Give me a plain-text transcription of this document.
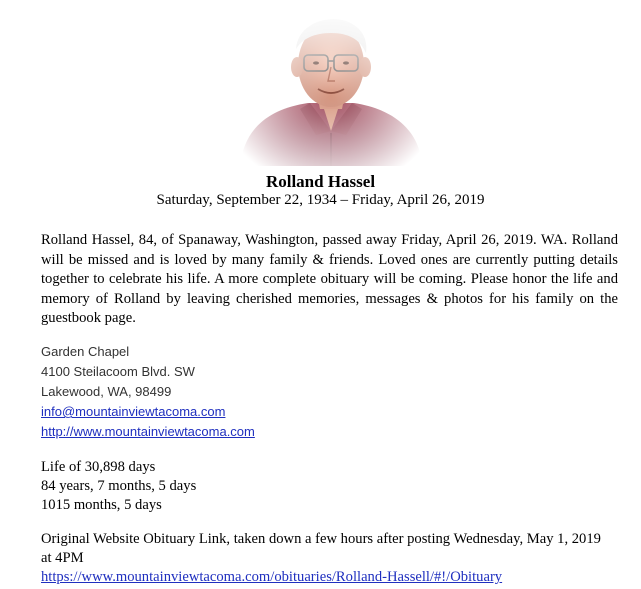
Rolland Hassel
Saturday, September 22, 1934 – Friday, April 26, 2019
Rolland Hassel, 84, of Spanaway, Washington, passed away Friday, April 26, 2019. WA. Rolland will be missed and is loved by many family & friends. Loved ones are currently putting details together to celebrate his life. A more complete obituary will be coming. Please honor the life and memory of Rolland by leaving cherished memories, messages & photos for his family on the guestbook page.
Garden Chapel
4100 Steilacoom Blvd. SW
Lakewood, WA, 98499
info@mountainviewtacoma.com
http://www.mountainviewtacoma.com
Life of 30,898 days
84 years, 7 months, 5 days
1015 months, 5 days
Original Website Obituary Link, taken down a few hours after posting Wednesday, May 1, 2019 at 4PM
https://www.mountainviewtacoma.com/obituaries/Rolland-Hassell/#!/Obituary
